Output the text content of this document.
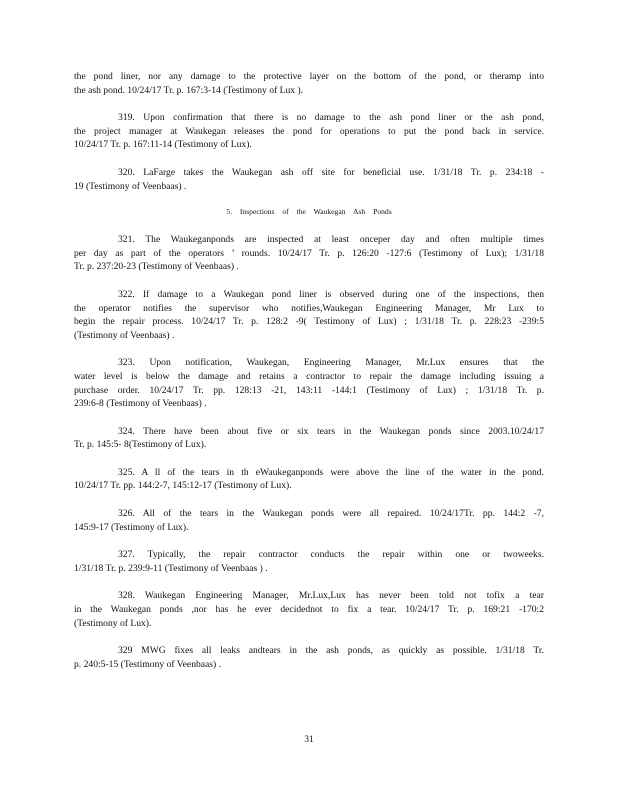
the pond liner, nor any damage to the protective layer on the bottom of the pond, or theramp into
the ash pond. 10/24/17 Tr. p. 167:3-14 (Testimony of Lux ).
319. Upon confirmation that there is no damage to the ash pond liner or the ash pond,
the project manager at Waukegan releases the pond for operations to put the pond back in service.
10/24/17 Tr. p. 167:11-14 (Testimony of Lux).
320. LaFarge takes the Waukegan ash off site for beneficial use. 1/31/18 Tr. p. 234:18 -
19 (Testimony of Veenbaas) .
5. Inspections of the Waukegan Ash Ponds
321. The Waukeganponds are inspected at least onceper day and often multiple times
per day as part of the operators ’ rounds. 10/24/17 Tr. p. 126:20 -127:6 (Testimony of Lux); 1/31/18
Tr. p. 237:20-23 (Testimony of Veenbaas) .
322. If damage to a Waukegan pond liner is observed during one of the inspections, then
the operator notifies the supervisor who notifies,Waukegan Engineering Manager, Mr Lux to
begin the repair process. 10/24/17 Tr. p. 128:2 -9( Testimony of Lux) ; 1/31/18 Tr. p. 228:23 -239:5
(Testimony of Veenbaas) .
323. Upon notification, Waukegan, Engineering Manager, Mr.Lux ensures that the
water level is below the damage and retains a contractor to repair the damage including issuing a
purchase order. 10/24/17 Tr. pp. 128:13 -21, 143:11 -144:1 (Testimony of Lux) ; 1/31/18 Tr. p.
239:6-8 (Testimony of Veenbaas) .
324. There have been about five or six tears in the Waukegan ponds since 2003.10/24/17
Tr. p. 145:5- 8(Testimony of Lux).
325. A ll of the tears in th eWaukeganponds were above the line of the water in the pond.
10/24/17 Tr. pp. 144:2-7, 145:12-17 (Testimony of Lux).
326. All of the tears in the Waukegan ponds were all repaired. 10/24/17Tr. pp. 144:2 -7,
145:9-17 (Testimony of Lux).
327. Typically, the repair contractor conducts the repair within one or twoweeks.
1/31/18 Tr. p. 239:9-11 (Testimony of Veenbaas ) .
328. Waukegan Engineering Manager, Mr.Lux,Lux has never been told not tofix a tear
in the Waukegan ponds ,nor has he ever decidednot to fix a tear. 10/24/17 Tr. p. 169:21 -170:2
(Testimony of Lux).
329 MWG fixes all leaks andtears in the ash ponds, as quickly as possible. 1/31/18 Tr.
p. 240:5-15 (Testimony of Veenbaas) .
31
